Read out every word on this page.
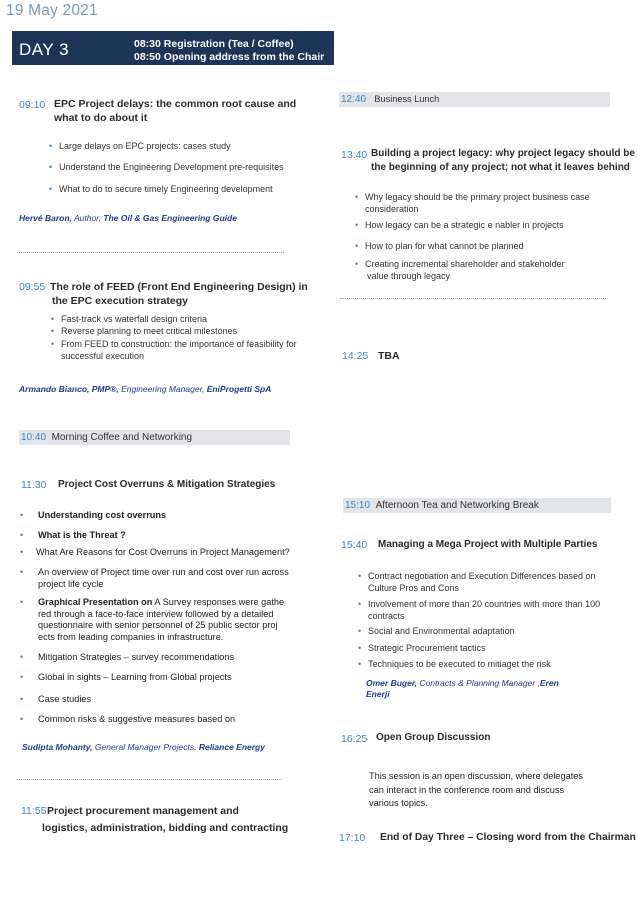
19 May 2021
DAY 3	08:30 Registration (Tea / Coffee)
08:50 Opening address from the Chair
09:10 EPC Project delays: the common root cause and
what to do about it
• Large delays on EPC projects: cases study
• Understand the Engineering Development pre-requisites
• What to do to secure timely Engineering development
Hervé Baron, Author, The Oil & Gas Engineering Guide
09:55 The role of FEED (Front End Engineering Design) in
the EPC execution strategy
• Fast-track vs waterfall design criteria
• Reverse planning to meet critical milestones
• From FEED to construction: the importance of feasibility for
successful execution
Armando Bianco, PMP®, Engineering Manager, EniProgetti SpA
10:40 Morning Coffee and Networking
11:30 Project Cost Overruns & Mitigation Strategies
• Understanding cost overruns
• What is the Threat ?
• What Are Reasons for Cost Overruns in Project Management?
• An overview of Project time over run and cost over run across
project life cycle
• Graphical Presentation on A Survey responses were gathe
red through a face-to-face interview followed by a detailed
questionnaire with senior personnel of 25 public sector proj
ects from leading companies in infrastructure.
• Mitigation Strategies – survey recommendations
• Global in sights – Learning from Global projects
• Case studies
• Common risks & suggestive measures based on
Sudipta Mohanty, General Manager Projects, Reliance Energy
11:55 Project procurement management and
logistics, administration, bidding and contracting
12:40 Business Lunch
13:40 Building a project legacy: why project legacy should be
the beginning of any project; not what it leaves behind
• Why legacy should be the primary project business case
consideration
• How legacy can be a strategic e nabler in projects
• How to plan for what cannot be planned
• Creating incremental shareholder and stakeholder
value through legacy
14:25 TBA
15:10 Afternoon Tea and Networking Break
15:40 Managing a Mega Project with Multiple Parties
• Contract negotiation and Execution Differences based on
Culture Pros and Cons
• Involvement of more than 20 countries with more than 100
contracts
• Social and Environmental adaptation
• Strategic Procurement tactics
• Techniques to be executed to mitiaget the risk
Omer Buger, Contracts & Planning Manager ,Eren
Enerji
16:25 Open Group Discussion
This session is an open discussion, where delegates
can interact in the conference room and discuss
various topics.
17:10 End of Day Three – Closing word from the Chairman
